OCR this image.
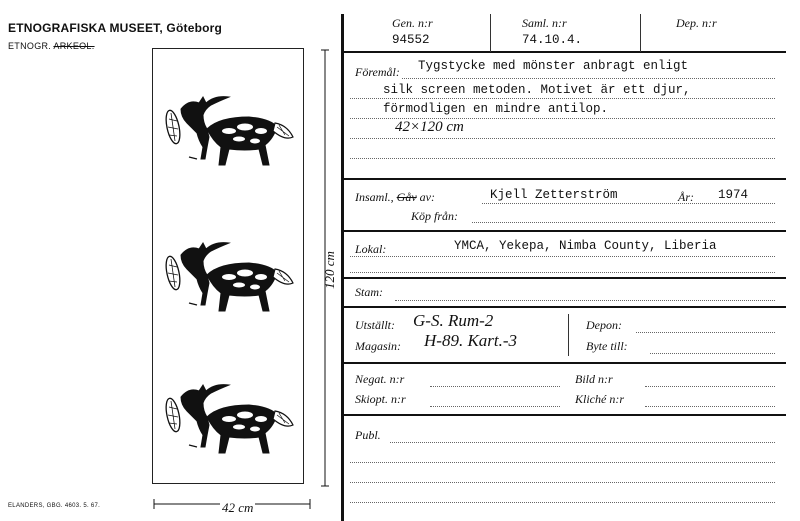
ETNOGRAFISKA MUSEET, Göteborg
ETNOGR. ARKEOL.
ELANDERS, GBG. 4603. 5. 67.
120 cm
42 cm
Gen. n:r
94552
Saml. n:r
74.10.4.
Dep. n:r
Föremål: Tygstycke med mönster anbragt enligt
silk screen metoden. Motivet är ett djur,
förmodligen en mindre antilop.
42×120 cm
Insaml., Gåv av:	Kjell Zetterström	År: 1974
Köp från:
Lokal:	YMCA, Yekepa, Nimba County, Liberia
Stam:
Utställt: G-S. Rum-2
Magasin: H-89. Kart.-3
Depon:
Byte till:
Negat. n:r
Skiopt. n:r
Bild n:r
Kliché n:r
Publ.
